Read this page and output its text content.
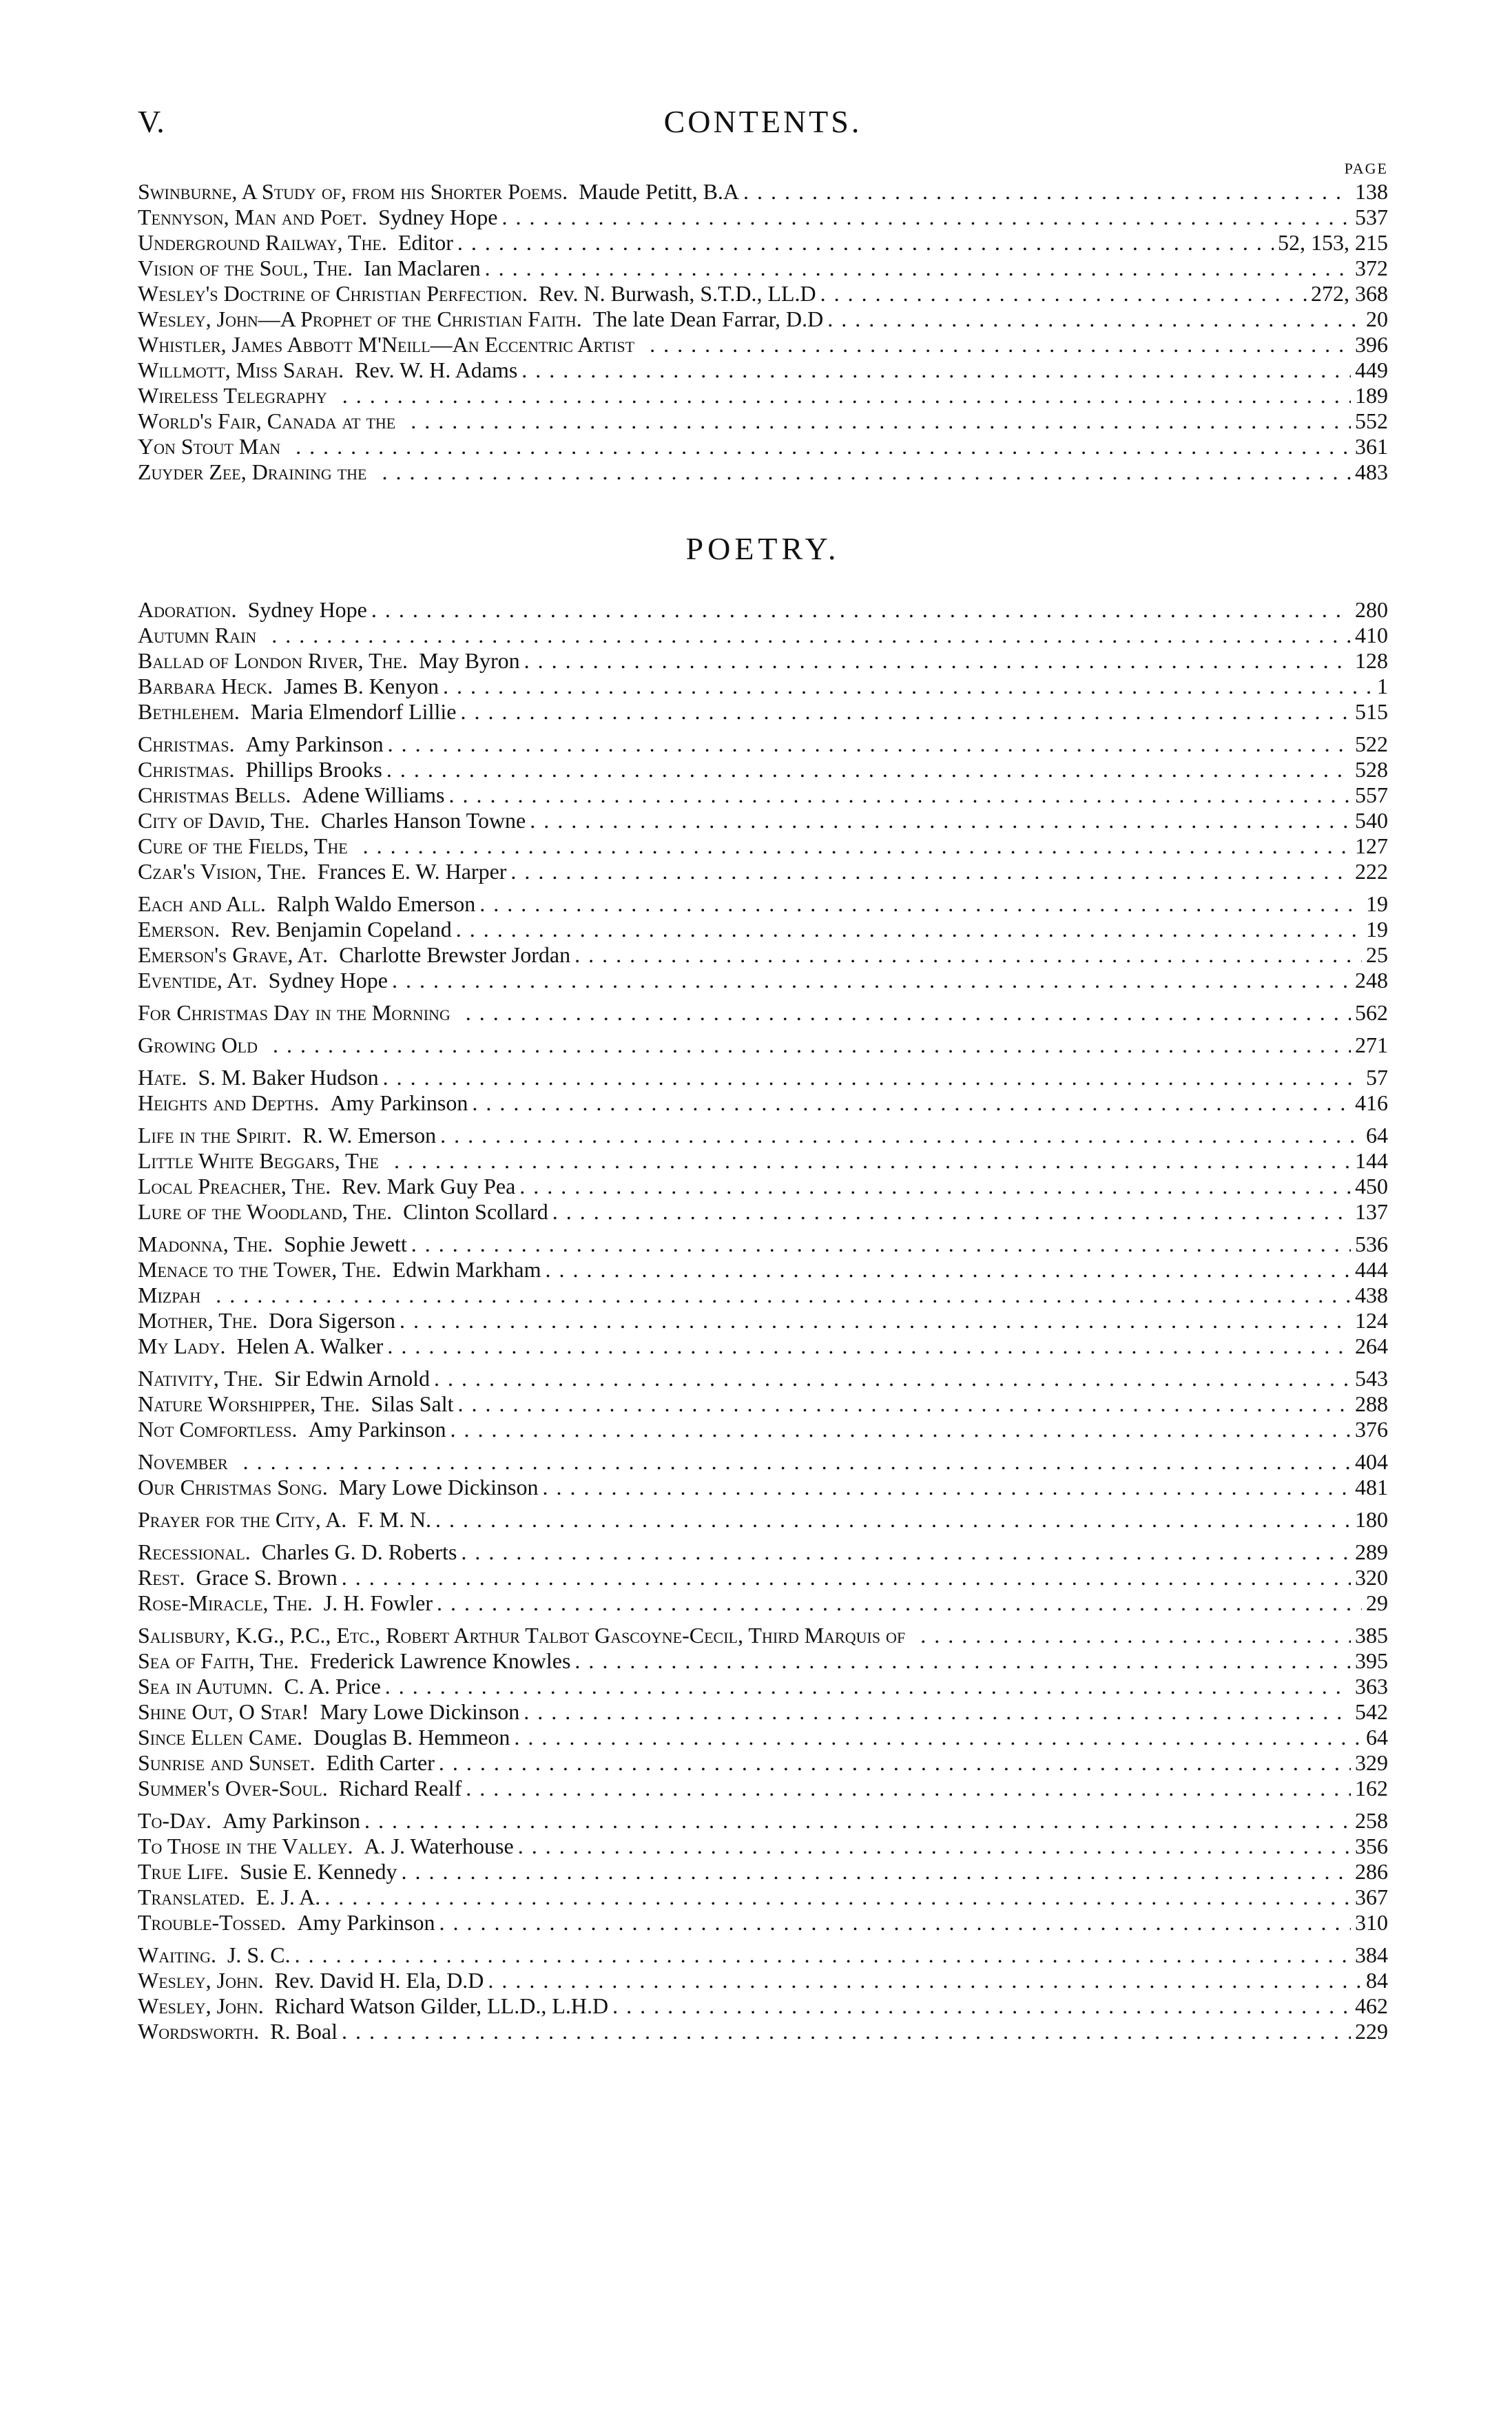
V.	CONTENTS.
PAGE
Swinburne, A Study of, from his Shorter Poems. Maude Petitt, B.A . . .	138
Tennyson, Man and Poet. Sydney Hope . . .	537
Underground Railway, The. Editor . . .	52, 153, 215
Vision of the Soul, The. Ian Maclaren . . .	372
Wesley's Doctrine of Christian Perfection. Rev. N. Burwash, S.T.D., LL.D . . .	272, 368
Wesley, John—A Prophet of the Christian Faith. The late Dean Farrar, D.D . . .	20
Whistler, James Abbott M'Neill—An Eccentric Artist . . .	396
Willmott, Miss Sarah. Rev. W. H. Adams . . .	449
Wireless Telegraphy . . .	189
World's Fair, Canada at the . . .	552
Yon Stout Man . . .	361
Zuyder Zee, Draining the . . .	483
POETRY.
Adoration. Sydney Hope . . .	280
Autumn Rain . . .	410
Ballad of London River, The. May Byron . . .	128
Barbara Heck. James B. Kenyon . . .	1
Bethlehem. Maria Elmendorf Lillie . . .	515
Christmas. Amy Parkinson . . .	522
Christmas. Phillips Brooks . . .	528
Christmas Bells. Adene Williams . . .	557
City of David, The. Charles Hanson Towne . . .	540
Cure of the Fields, The . . .	127
Czar's Vision, The. Frances E. W. Harper . . .	222
Each and All. Ralph Waldo Emerson . . .	19
Emerson. Rev. Benjamin Copeland . . .	19
Emerson's Grave, At. Charlotte Brewster Jordan . . .	25
Eventide, At. Sydney Hope . . .	248
For Christmas Day in the Morning . . .	562
Growing Old . . .	271
Hate. S. M. Baker Hudson . . .	57
Heights and Depths. Amy Parkinson . . .	416
Life in the Spirit. R. W. Emerson . . .	64
Little White Beggars, The . . .	144
Local Preacher, The. Rev. Mark Guy Pea . . .	450
Lure of the Woodland, The. Clinton Scollard . . .	137
Madonna, The. Sophie Jewett . . .	536
Menace to the Tower, The. Edwin Markham . . .	444
Mizpah . . .	438
Mother, The. Dora Sigerson . . .	124
My Lady. Helen A. Walker . . .	264
Nativity, The. Sir Edwin Arnold . . .	543
Nature Worshipper, The. Silas Salt . . .	288
Not Comfortless. Amy Parkinson . . .	376
November . . .	404
Our Christmas Song. Mary Lowe Dickinson . . .	481
Prayer for the City, A. F. M. N. . . .	180
Recessional. Charles G. D. Roberts . . .	289
Rest. Grace S. Brown . . .	320
Rose-Miracle, The. J. H. Fowler . . .	29
Salisbury, K.G., P.C., Etc., Robert Arthur Talbot Gascoyne-Cecil, Third Marquis of . . .	385
Sea of Faith, The. Frederick Lawrence Knowles . . .	395
Sea in Autumn. C. A. Price . . .	363
Shine Out, O Star! Mary Lowe Dickinson . . .	542
Since Ellen Came. Douglas B. Hemmeon . . .	64
Sunrise and Sunset. Edith Carter . . .	329
Summer's Over-Soul. Richard Realf . . .	162
To-Day. Amy Parkinson . . .	258
To Those in the Valley. A. J. Waterhouse . . .	356
True Life. Susie E. Kennedy . . .	286
Translated. E. J. A. . . .	367
Trouble-Tossed. Amy Parkinson . . .	310
Waiting. J. S. C. . . .	384
Wesley, John. Rev. David H. Ela, D.D . . .	84
Wesley, John. Richard Watson Gilder, LL.D., L.H.D . . .	462
Wordsworth. R. Boal . . .	229
